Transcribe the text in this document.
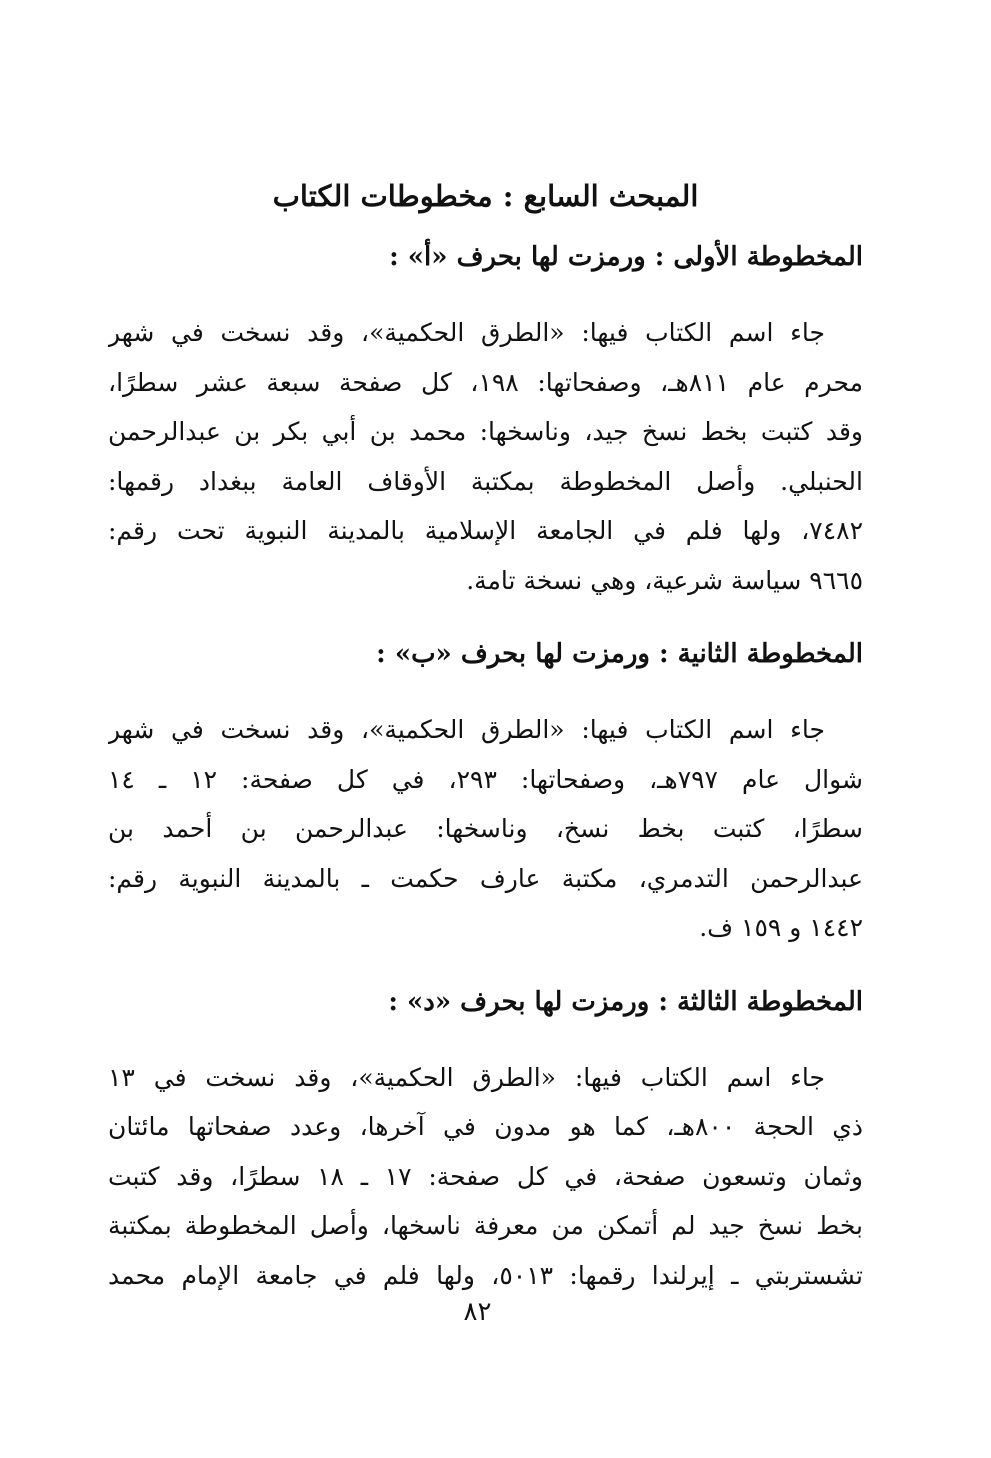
المبحث السابع : مخطوطات الكتاب
المخطوطة الأولى : ورمزت لها بحرف «أ» :
جاء اسم الكتاب فيها: «الطرق الحكمية»، وقد نسخت في شهر
محرم عام ٨١١هـ، وصفحاتها: ١٩٨، كل صفحة سبعة عشر سطرًا،
وقد كتبت بخط نسخ جيد، وناسخها: محمد بن أبي بكر بن عبدالرحمن
الحنبلي. وأصل المخطوطة بمكتبة الأوقاف العامة ببغداد رقمها:
٧٤٨٢، ولها فلم في الجامعة الإسلامية بالمدينة النبوية تحت رقم:
٩٦٦٥ سياسة شرعية، وهي نسخة تامة.
المخطوطة الثانية : ورمزت لها بحرف «ب» :
جاء اسم الكتاب فيها: «الطرق الحكمية»، وقد نسخت في شهر
شوال عام ٧٩٧هـ، وصفحاتها: ٢٩٣، في كل صفحة: ١٢ ـ ١٤
سطرًا، كتبت بخط نسخ، وناسخها: عبدالرحمن بن أحمد بن
عبدالرحمن التدمري، مكتبة عارف حكمت ـ بالمدينة النبوية رقم:
١٤٤٢ و ١٥٩ ف.
المخطوطة الثالثة : ورمزت لها بحرف «د» :
جاء اسم الكتاب فيها: «الطرق الحكمية»، وقد نسخت في ١٣
ذي الحجة ٨٠٠هـ، كما هو مدون في آخرها، وعدد صفحاتها مائتان
وثمان وتسعون صفحة، في كل صفحة: ١٧ ـ ١٨ سطرًا، وقد كتبت
بخط نسخ جيد لم أتمكن من معرفة ناسخها، وأصل المخطوطة بمكتبة
تشستربتي ـ إيرلندا رقمها: ٥٠١٣، ولها فلم في جامعة الإمام محمد
٨٢
